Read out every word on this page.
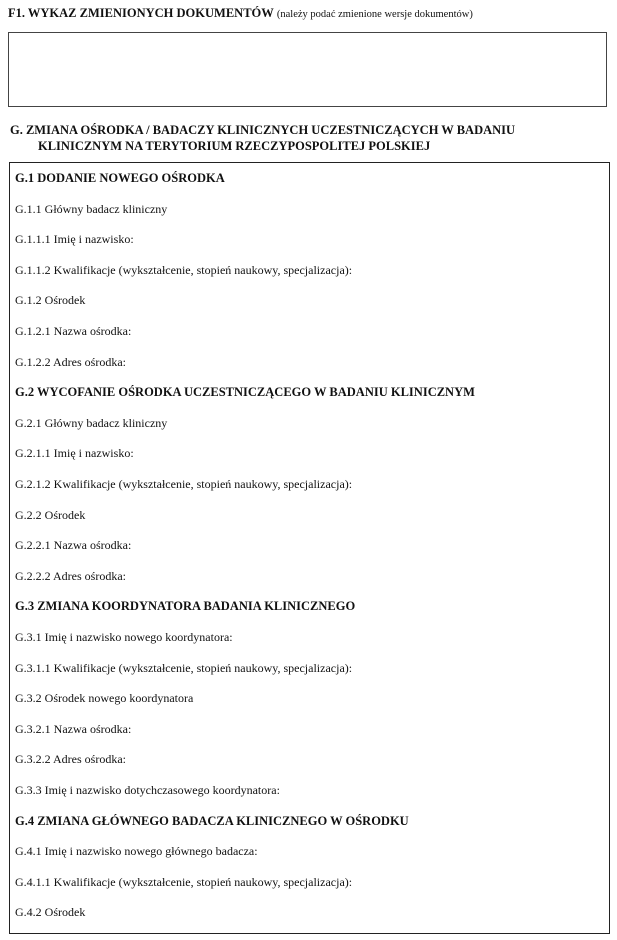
F1. WYKAZ ZMIENIONYCH DOKUMENTÓW (należy podać zmienione wersje dokumentów)
G. ZMIANA OŚRODKA / BADACZY KLINICZNYCH UCZESTNICZĄCYCH W BADANIU
KLINICZNYM NA TERYTORIUM RZECZYPOSPOLITEJ POLSKIEJ
G.1 DODANIE NOWEGO OŚRODKA
G.1.1 Główny badacz kliniczny
G.1.1.1 Imię i nazwisko:
G.1.1.2 Kwalifikacje (wykształcenie, stopień naukowy, specjalizacja):
G.1.2 Ośrodek
G.1.2.1 Nazwa ośrodka:
G.1.2.2 Adres ośrodka:
G.2 WYCOFANIE OŚRODKA UCZESTNICZĄCEGO W BADANIU KLINICZNYM
G.2.1 Główny badacz kliniczny
G.2.1.1 Imię i nazwisko:
G.2.1.2 Kwalifikacje (wykształcenie, stopień naukowy, specjalizacja):
G.2.2 Ośrodek
G.2.2.1 Nazwa ośrodka:
G.2.2.2 Adres ośrodka:
G.3 ZMIANA KOORDYNATORA BADANIA KLINICZNEGO
G.3.1 Imię i nazwisko nowego koordynatora:
G.3.1.1 Kwalifikacje (wykształcenie, stopień naukowy, specjalizacja):
G.3.2 Ośrodek nowego koordynatora
G.3.2.1 Nazwa ośrodka:
G.3.2.2 Adres ośrodka:
G.3.3 Imię i nazwisko dotychczasowego koordynatora:
G.4 ZMIANA GŁÓWNEGO BADACZA KLINICZNEGO W OŚRODKU
G.4.1 Imię i nazwisko nowego głównego badacza:
G.4.1.1 Kwalifikacje (wykształcenie, stopień naukowy, specjalizacja):
G.4.2 Ośrodek
